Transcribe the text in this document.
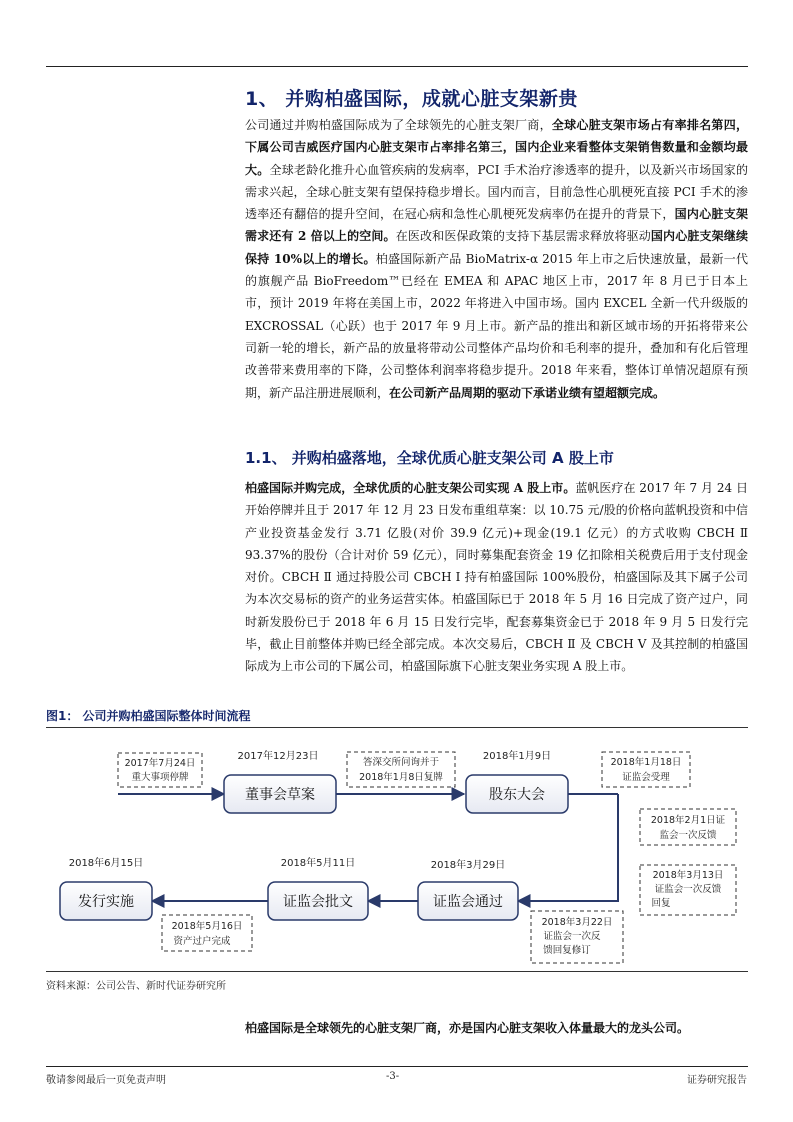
1、 并购柏盛国际，成就心脏支架新贵
公司通过并购柏盛国际成为了全球领先的心脏支架厂商，全球心脏支架市场占有率排名第四，下属公司吉威医疗国内心脏支架市占率排名第三，国内企业来看整体支架销售数量和金额均最大。全球老龄化推升心血管疾病的发病率，PCI 手术治疗渗透率的提升，以及新兴市场国家的需求兴起，全球心脏支架有望保持稳步增长。国内而言，目前急性心肌梗死直接 PCI 手术的渗透率还有翻倍的提升空间，在冠心病和急性心肌梗死发病率仍在提升的背景下，国内心脏支架需求还有 2 倍以上的空间。在医改和医保政策的支持下基层需求释放将驱动国内心脏支架继续保持 10%以上的增长。柏盛国际新产品 BioMatrix-α 2015 年上市之后快速放量，最新一代的旗舰产品 BioFreedom™已经在 EMEA 和 APAC 地区上市，2017 年 8 月已于日本上市，预计 2019 年将在美国上市，2022 年将进入中国市场。国内 EXCEL 全新一代升级版的 EXCROSSAL（心跃）也于 2017 年 9 月上市。新产品的推出和新区域市场的开拓将带来公司新一轮的增长，新产品的放量将带动公司整体产品均价和毛利率的提升，叠加和有化后管理改善带来费用率的下降，公司整体利润率将稳步提升。2018 年来看，整体订单情况超原有预期，新产品注册进展顺利，在公司新产品周期的驱动下承诺业绩有望超额完成。
1.1、 并购柏盛落地，全球优质心脏支架公司 A 股上市
柏盛国际并购完成，全球优质的心脏支架公司实现 A 股上市。蓝帆医疗在 2017 年 7 月 24 日开始停牌并且于 2017 年 12 月 23 日发布重组草案：以 10.75 元/股的价格向蓝帆投资和中信产业投资基金发行 3.71 亿股(对价 39.9 亿元)+现金(19.1 亿元）的方式收购 CBCH Ⅱ 93.37%的股份（合计对价 59 亿元），同时募集配套资金 19 亿扣除相关税费后用于支付现金对价。CBCH Ⅱ 通过持股公司 CBCH Ⅰ 持有柏盛国际 100%股份，柏盛国际及其下属子公司为本次交易标的资产的业务运营实体。柏盛国际已于 2018 年 5 月 16 日完成了资产过户，同时新发股份已于 2018 年 6 月 15 日发行完毕，配套募集资金已于 2018 年 9 月 5 日发行完毕，截止目前整体并购已经全部完成。本次交易后，CBCH Ⅱ 及 CBCH Ⅴ 及其控制的柏盛国际成为上市公司的下属公司，柏盛国际旗下心脏支架业务实现 A 股上市。
图1： 公司并购柏盛国际整体时间流程
董事会草案	股东大会
证监会通过
证监会批文
发行实施
2017年12月23日	2018年1月9日
2018年3月29日
2018年5月11日
2018年6月15日
2017年7月24日
重大事项停牌
答深交所问询并于
2018年1月8日复牌
2018年1月18日
证监会受理
2018年2月1日证
监会一次反馈
2018年3月13日
证监会一次反馈
回复
2018年3月22日
证监会一次反
馈回复修订
2018年5月16日
资产过户完成
资料来源：公司公告、新时代证券研究所
柏盛国际是全球领先的心脏支架厂商，亦是国内心脏支架收入体量最大的龙头公司。
敬请参阅最后一页免责声明	-3-	证券研究报告
